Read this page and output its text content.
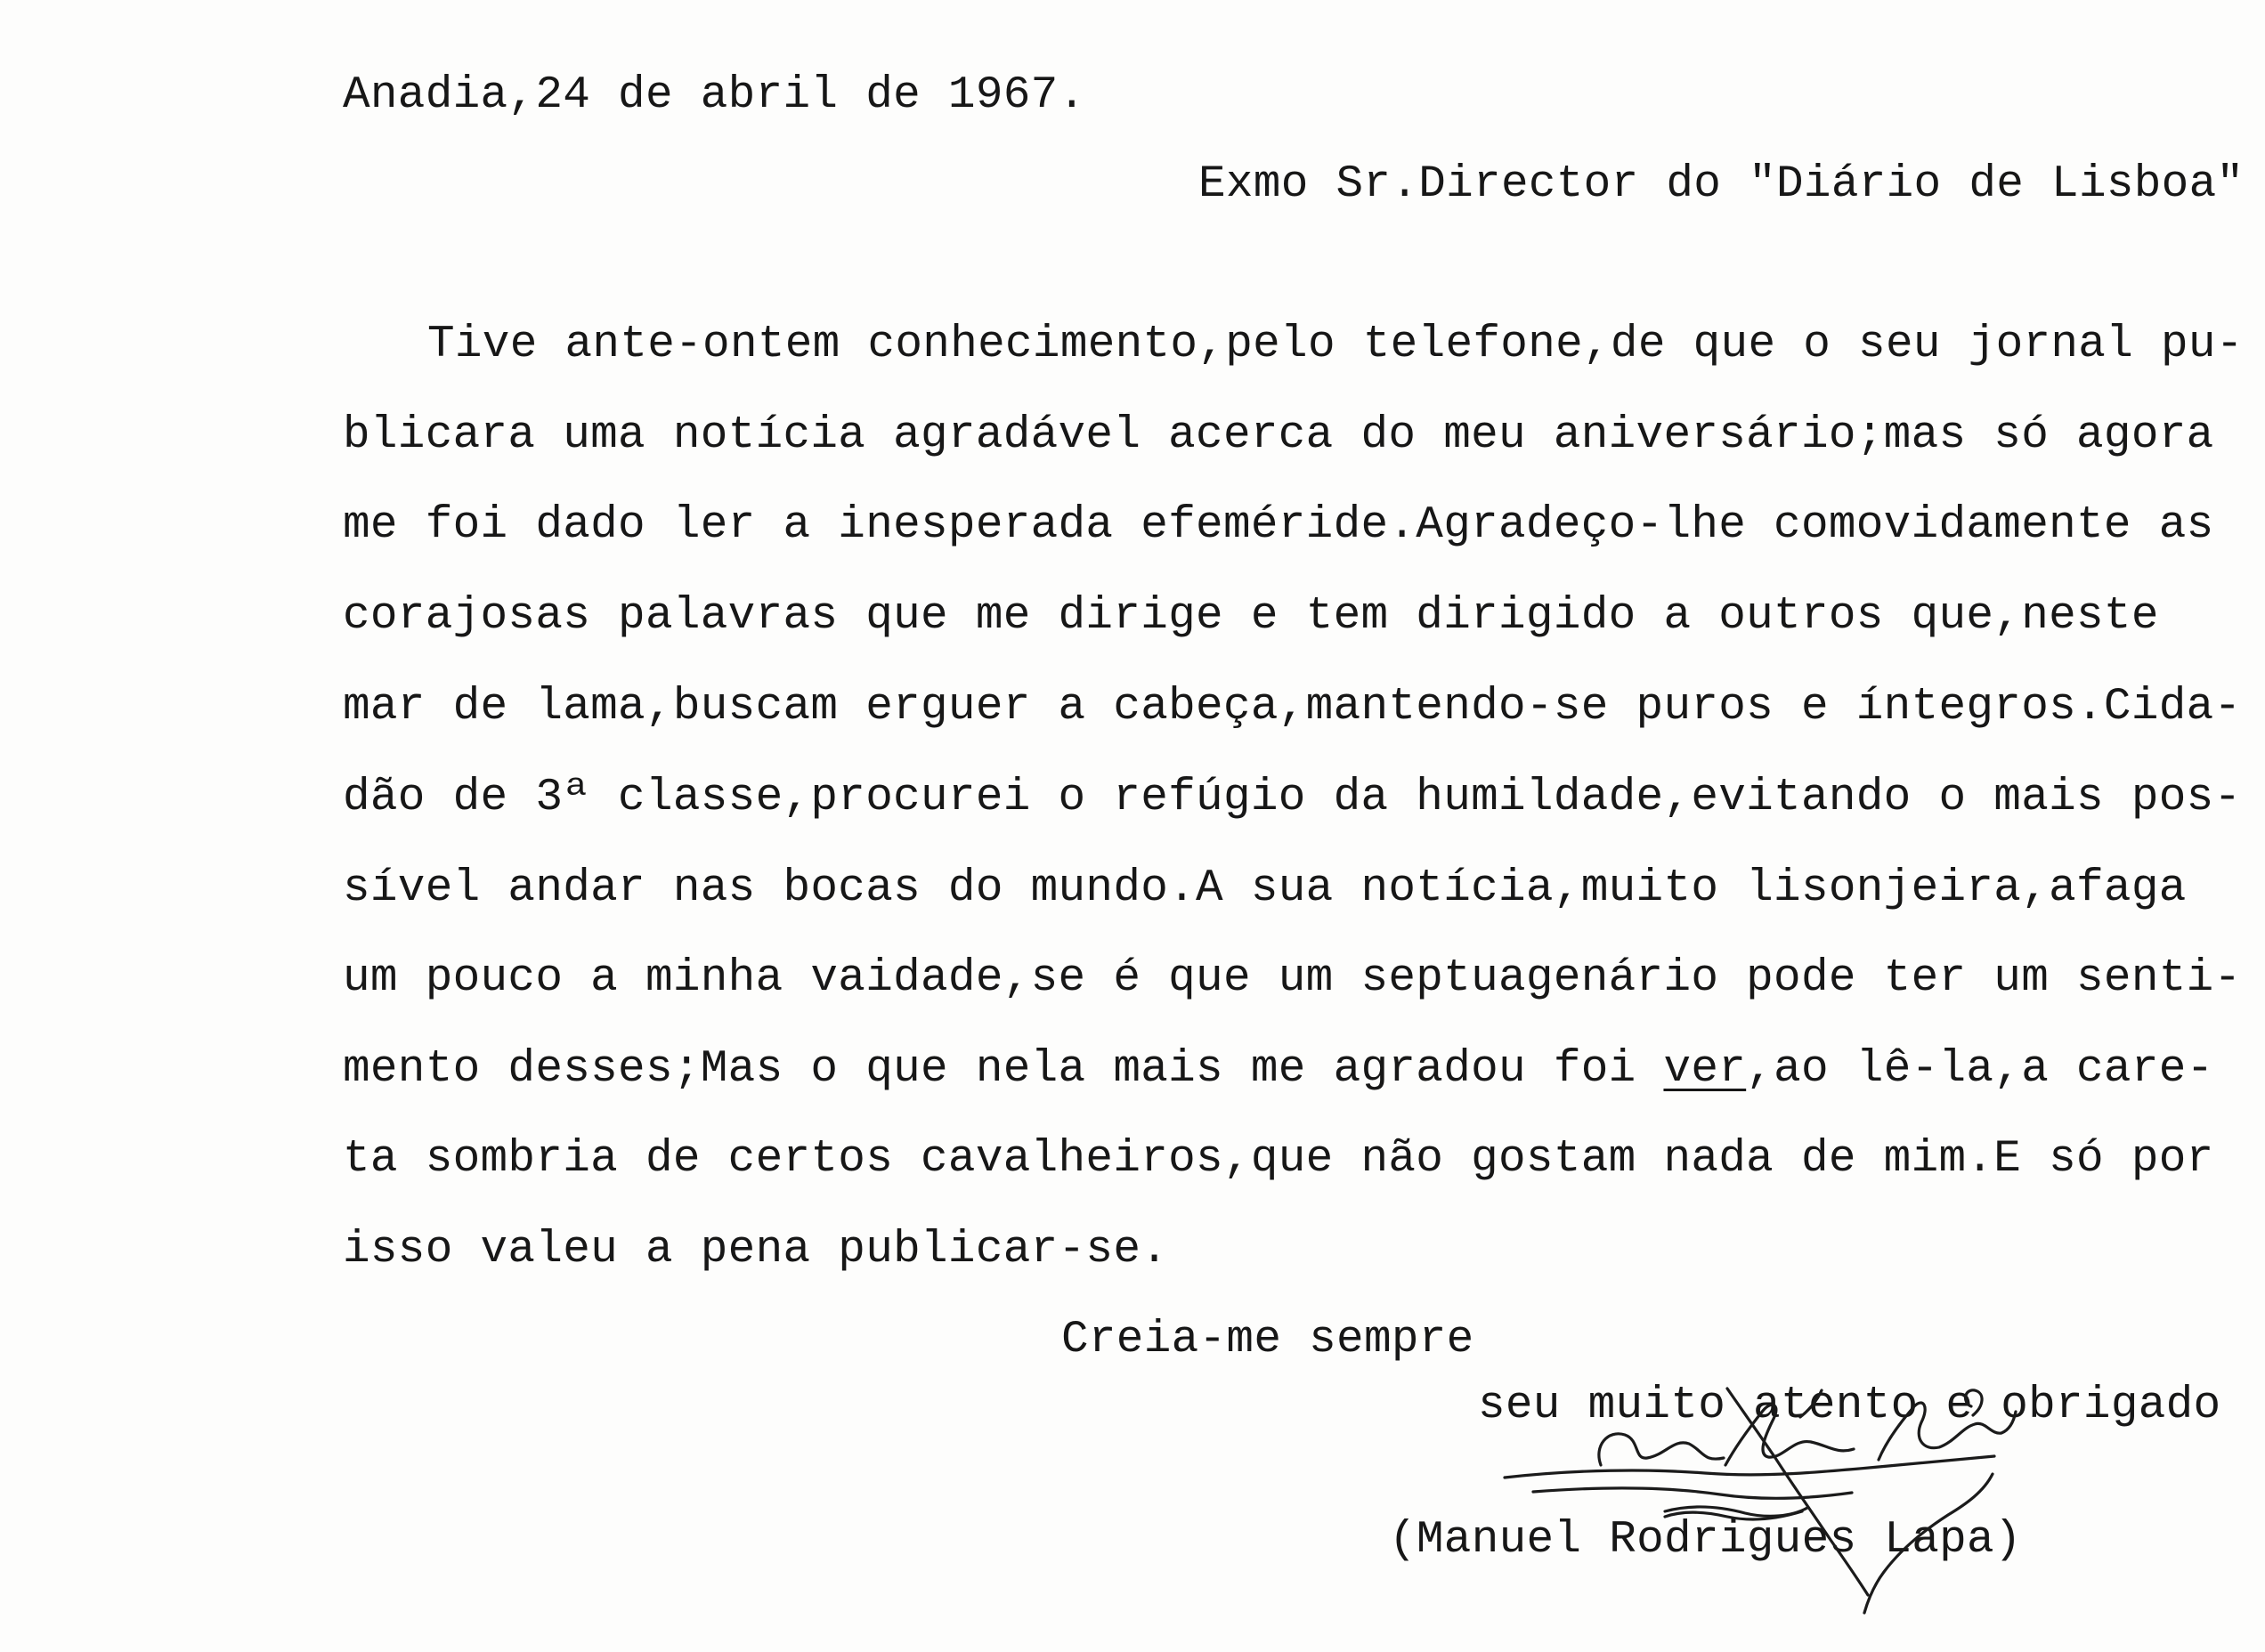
Anadia,24 de abril de 1967.
Exmo Sr.Director do "Diário de Lisboa"
Tive ante-ontem conhecimento,pelo telefone,de que o seu jornal pu-
blicara uma notícia agradável acerca do meu aniversário;mas só agora
me foi dado ler a inesperada efeméride.Agradeço-lhe comovidamente as
corajosas palavras que me dirige e tem dirigido a outros que,neste
mar de lama,buscam erguer a cabeça,mantendo-se puros e íntegros.Cida-
dão de 3ª classe,procurei o refúgio da humildade,evitando o mais pos-
sível andar nas bocas do mundo.A sua notícia,muito lisonjeira,afaga
um pouco a minha vaidade,se é que um septuagenário pode ter um senti-
mento desses;Mas o que nela mais me agradou foi ver,ao lê-la,a care-
ta sombria de certos cavalheiros,que não gostam nada de mim.E só por
isso valeu a pena publicar-se.
Creia-me sempre
seu muito atento e obrigado
(Manuel Rodrigues Lapa)
